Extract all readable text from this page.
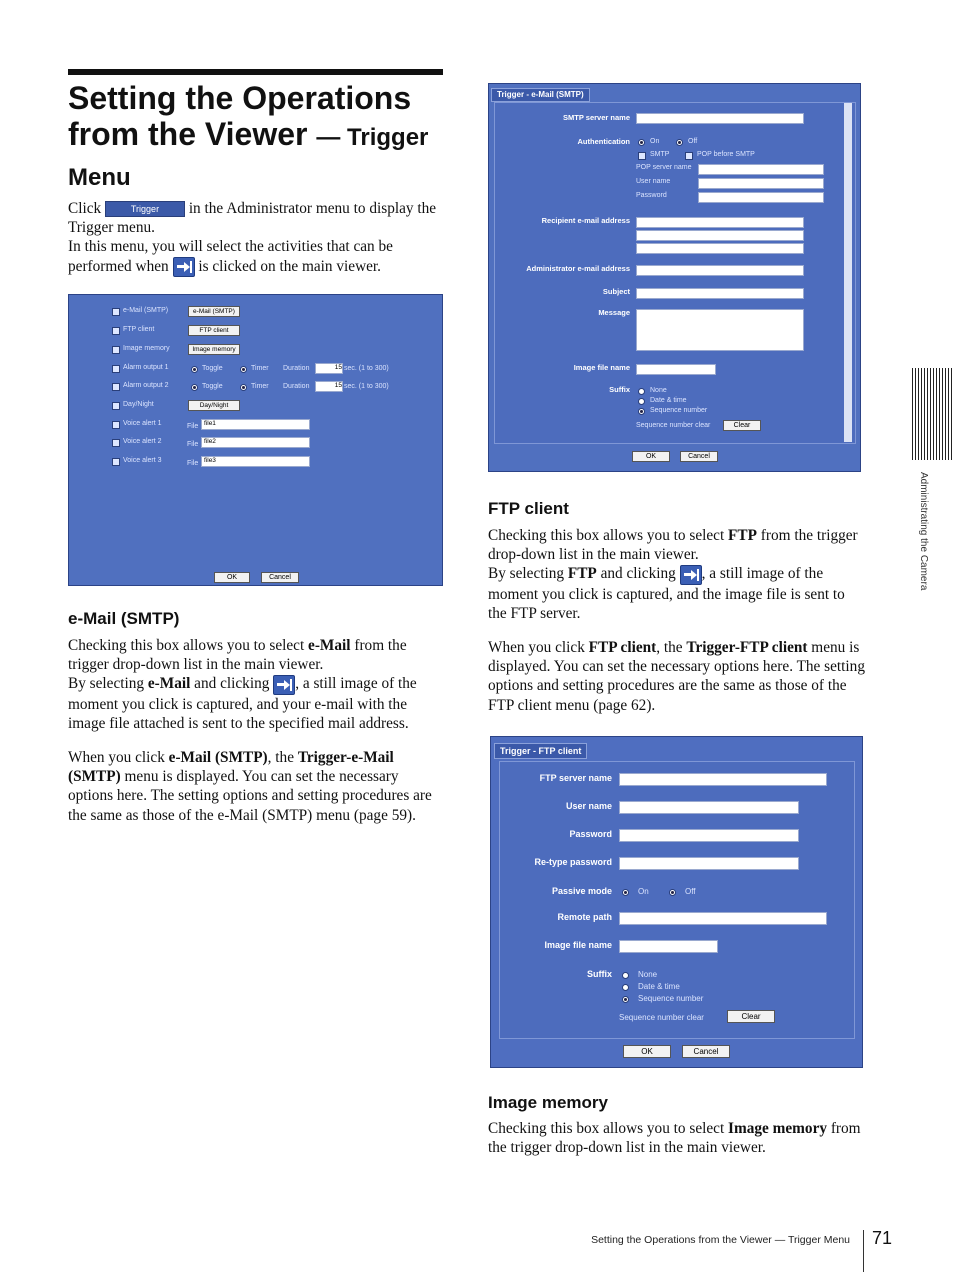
Setting the Operations
from the Viewer — Trigger
Menu
Click	Trigger in the Administrator menu to display the Trigger menu.
In this menu, you will select the activities that can be performed when is clicked on the main viewer.
e-Mail (SMTP)	e-Mail (SMTP)
FTP client	FTP client
Image memory	Image memory
Alarm output 1	Toggle	Timer Duration	15 sec. (1 to 300)
Alarm output 2	Toggle	Timer Duration	15 sec. (1 to 300)
Day/Night	Day/Night
Voice alert 1	File file1
Voice alert 2	File file2
Voice alert 3	File file3
OK	Cancel
e-Mail (SMTP)
Checking this box allows you to select e-Mail from the trigger drop-down list in the main viewer.
By selecting e-Mail and clicking
, a still image of the moment you click is captured, and your e-mail with the image file attached is sent to the specified mail address.
When you click e-Mail (SMTP), the Trigger-e-Mail (SMTP) menu is displayed. You can set the necessary options here. The setting options and setting procedures are the same as those of the e-Mail (SMTP) menu (page 59).
Trigger - e-Mail (SMTP)
SMTP server name
Authentication	On	Off
SMTP	POP before SMTP
POP server name
User name
Password
Recipient e-mail address
Administrator e-mail address
Subject
Message
Image file name
Suffix	None
Date & time
Sequence number
Sequence number clear	Clear
OK	Cancel
FTP client
Checking this box allows you to select FTP from the trigger drop-down list in the main viewer.
By selecting FTP and clicking
, a still image of the moment you click is captured, and the image file is sent to the FTP server.
When you click FTP client, the Trigger-FTP client menu is displayed. You can set the necessary options here. The setting options and setting procedures are the same as those of the FTP client menu (page 62).
Trigger - FTP client
FTP server name
User name
Password
Re-type password
Passive mode	On	Off
Remote path
Image file name
Suffix	None
Date & time
Sequence number
Sequence number clear	Clear
OK	Cancel
Image memory
Checking this box allows you to select Image memory from the trigger drop-down list in the main viewer.
Administrating the Camera
Setting the Operations from the Viewer — Trigger Menu 71
